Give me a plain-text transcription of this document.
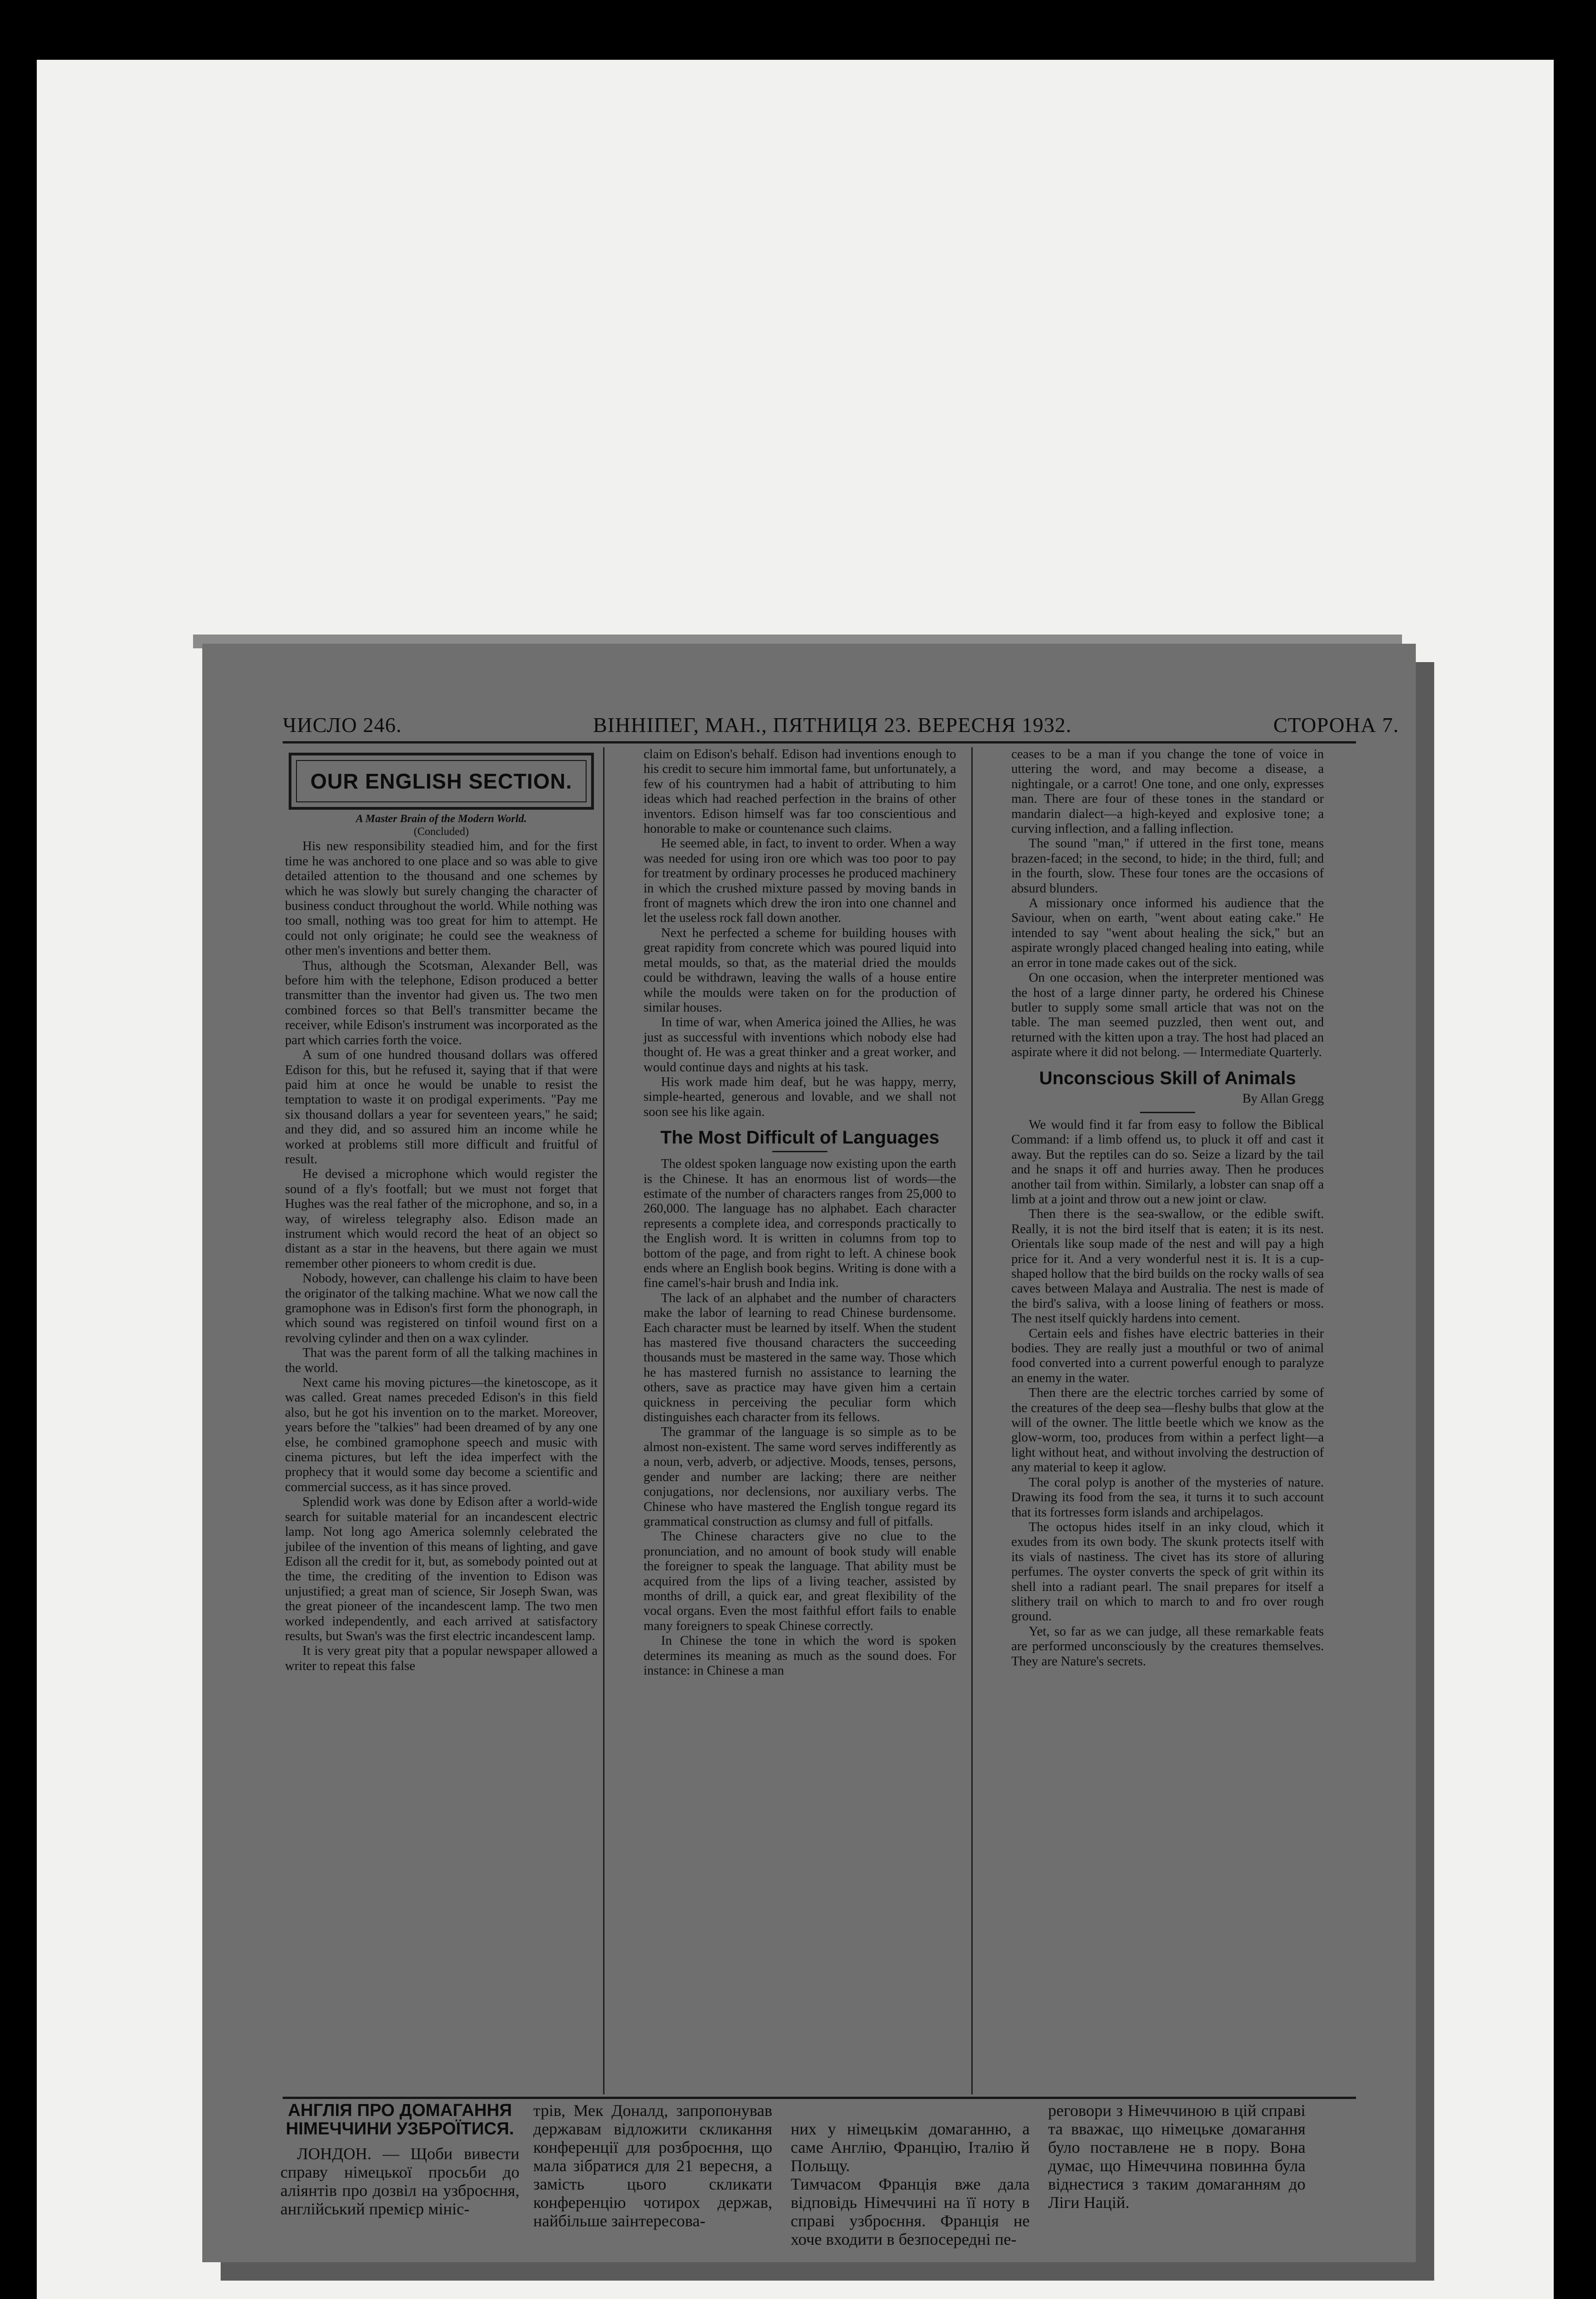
ЧИСЛО 246.	ВІННІПЕГ, МАН., ПЯТНИЦЯ 23. ВЕРЕСНЯ 1932.	СТОРОНА 7.
OUR ENGLISH SECTION.
A Master Brain of the Modern World.
(Concluded)

His new responsibility steadied him, and for the first time he was anchored to one place and so was able to give detailed attention to the thousand and one schemes by which he was slowly but surely changing the character of business conduct throughout the world. While nothing was too small, nothing was too great for him to attempt. He could not only originate; he could see the weakness of other men's inventions and better them.

Thus, although the Scotsman, Alexander Bell, was before him with the telephone, Edison produced a better transmitter than the inventor had given us. The two men combined forces so that Bell's transmitter became the receiver, while Edison's instrument was incorporated as the part which carries forth the voice.

A sum of one hundred thousand dollars was offered Edison for this, but he refused it, saying that if that were paid him at once he would be unable to resist the temptation to waste it on prodigal experiments. "Pay me six thousand dollars a year for seventeen years," he said; and they did, and so assured him an income while he worked at problems still more difficult and fruitful of result.

He devised a microphone which would register the sound of a fly's footfall; but we must not forget that Hughes was the real father of the microphone, and so, in a way, of wireless telegraphy also. Edison made an instrument which would record the heat of an object so distant as a star in the heavens, but there again we must remember other pioneers to whom credit is due.

Nobody, however, can challenge his claim to have been the originator of the talking machine. What we now call the gramophone was in Edison's first form the phonograph, in which sound was registered on tinfoil wound first on a revolving cylinder and then on a wax cylinder.

That was the parent form of all the talking machines in the world.

Next came his moving pictures—the kinetoscope, as it was called. Great names preceded Edison's in this field also, but he got his invention on to the market. Moreover, years before the "talkies" had been dreamed of by any one else, he combined gramophone speech and music with cinema pictures, but left the idea imperfect with the prophecy that it would some day become a scientific and commercial success, as it has since proved.

Splendid work was done by Edison after a world-wide search for suitable material for an incandescent electric lamp. Not long ago America solemnly celebrated the jubilee of the invention of this means of lighting, and gave Edison all the credit for it, but, as somebody pointed out at the time, the crediting of the invention to Edison was unjustified; a great man of science, Sir Joseph Swan, was the great pioneer of the incandescent lamp. The two men worked independently, and each arrived at satisfactory results, but Swan's was the first electric incandescent lamp.

It is very great pity that a popular newspaper allowed a writer to repeat this false

claim on Edison's behalf. Edison had inventions enough to his credit to secure him immortal fame, but unfortunately, a few of his countrymen had a habit of attributing to him ideas which had reached perfection in the brains of other inventors. Edison himself was far too conscientious and honorable to make or countenance such claims.

He seemed able, in fact, to invent to order. When a way was needed for using iron ore which was too poor to pay for treatment by ordinary processes he produced machinery in which the crushed mixture passed by moving bands in front of magnets which drew the iron into one channel and let the useless rock fall down another.

Next he perfected a scheme for building houses with great rapidity from concrete which was poured liquid into metal moulds, so that, as the material dried the moulds could be withdrawn, leaving the walls of a house entire while the moulds were taken on for the production of similar houses.

In time of war, when America joined the Allies, he was just as successful with inventions which nobody else had thought of. He was a great thinker and a great worker, and would continue days and nights at his task.

His work made him deaf, but he was happy, merry, simple-hearted, generous and lovable, and we shall not soon see his like again.

The Most Difficult of Languages

The oldest spoken language now existing upon the earth is the Chinese. It has an enormous list of words—the estimate of the number of characters ranges from 25,000 to 260,000. The language has no alphabet. Each character represents a complete idea, and corresponds practically to the English word. It is written in columns from top to bottom of the page, and from right to left. A chinese book ends where an English book begins. Writing is done with a fine camel's-hair brush and India ink.

The lack of an alphabet and the number of characters make the labor of learning to read Chinese burdensome. Each character must be learned by itself. When the student has mastered five thousand characters the succeeding thousands must be mastered in the same way. Those which he has mastered furnish no assistance to learning the others, save as practice may have given him a certain quickness in perceiving the peculiar form which distinguishes each character from its fellows.

The grammar of the language is so simple as to be almost non-existent. The same word serves indifferently as a noun, verb, adverb, or adjective. Moods, tenses, persons, gender and number are lacking; there are neither conjugations, nor declensions, nor auxiliary verbs. The Chinese who have mastered the English tongue regard its grammatical construction as clumsy and full of pitfalls.

The Chinese characters give no clue to the pronunciation, and no amount of book study will enable the foreigner to speak the language. That ability must be acquired from the lips of a living teacher, assisted by months of drill, a quick ear, and great flexibility of the vocal organs. Even the most faithful effort fails to enable many foreigners to speak Chinese correctly.

In Chinese the tone in which the word is spoken determines its meaning as much as the sound does. For instance: in Chinese a man

ceases to be a man if you change the tone of voice in uttering the word, and may become a disease, a nightingale, or a carrot! One tone, and one only, expresses man. There are four of these tones in the standard or mandarin dialect—a high-keyed and explosive tone; a curving inflection, and a falling inflection.

The sound "man," if uttered in the first tone, means brazen-faced; in the second, to hide; in the third, full; and in the fourth, slow. These four tones are the occasions of absurd blunders.

A missionary once informed his audience that the Saviour, when on earth, "went about eating cake." He intended to say "went about healing the sick," but an aspirate wrongly placed changed healing into eating, while an error in tone made cakes out of the sick.

On one occasion, when the interpreter mentioned was the host of a large dinner party, he ordered his Chinese butler to supply some small article that was not on the table. The man seemed puzzled, then went out, and returned with the kitten upon a tray. The host had placed an aspirate where it did not belong. — Intermediate Quarterly.

Unconscious Skill of Animals
By Allan Gregg

We would find it far from easy to follow the Biblical Command: if a limb offend us, to pluck it off and cast it away. But the reptiles can do so. Seize a lizard by the tail and he snaps it off and hurries away. Then he produces another tail from within. Similarly, a lobster can snap off a limb at a joint and throw out a new joint or claw.

Then there is the sea-swallow, or the edible swift. Really, it is not the bird itself that is eaten; it is its nest. Orientals like soup made of the nest and will pay a high price for it. And a very wonderful nest it is. It is a cup-shaped hollow that the bird builds on the rocky walls of sea caves between Malaya and Australia. The nest is made of the bird's saliva, with a loose lining of feathers or moss. The nest itself quickly hardens into cement.

Certain eels and fishes have electric batteries in their bodies. They are really just a mouthful or two of animal food converted into a current powerful enough to paralyze an enemy in the water.

Then there are the electric torches carried by some of the creatures of the deep sea—fleshy bulbs that glow at the will of the owner. The little beetle which we know as the glow-worm, too, produces from within a perfect light—a light without heat, and without involving the destruction of any material to keep it aglow.

The coral polyp is another of the mysteries of nature. Drawing its food from the sea, it turns it to such account that its fortresses form islands and archipelagos.

The octopus hides itself in an inky cloud, which it exudes from its own body. The skunk protects itself with its vials of nastiness. The civet has its store of alluring perfumes. The oyster converts the speck of grit within its shell into a radiant pearl. The snail prepares for itself a slithery trail on which to march to and fro over rough ground.

Yet, so far as we can judge, all these remarkable feats are performed unconsciously by the creatures themselves. They are Nature's secrets.

АНГЛІЯ ПРО ДОМАГАННЯ НІМЕЧЧИНИ УЗБРОЇТИСЯ.

ЛОНДОН. — Щоби вивести справу німецької просьби до аліянтів про дозвіл на узброєння, англійський премієр мініс-

трів, Мек Доналд, запропонував державам відложити скликання конференції для розброєння, що мала зібратися для 21 вересня, а замість цього скликати конференцію чотирох держав, найбільше заінтересова-

них у німецькім домаганню, а саме Англію, Францію, Італію й Польщу.
Тимчасом Франція вже дала відповідь Німеччині на її ноту в справі узброєння. Франція не хоче входити в безпосередні пе-

реговори з Німеччиною в цій справі та вважає, що німецьке домагання було поставлене не в пору. Вона думає, що Німеччина повинна була віднестися з таким домаганням до Ліги Націй.
